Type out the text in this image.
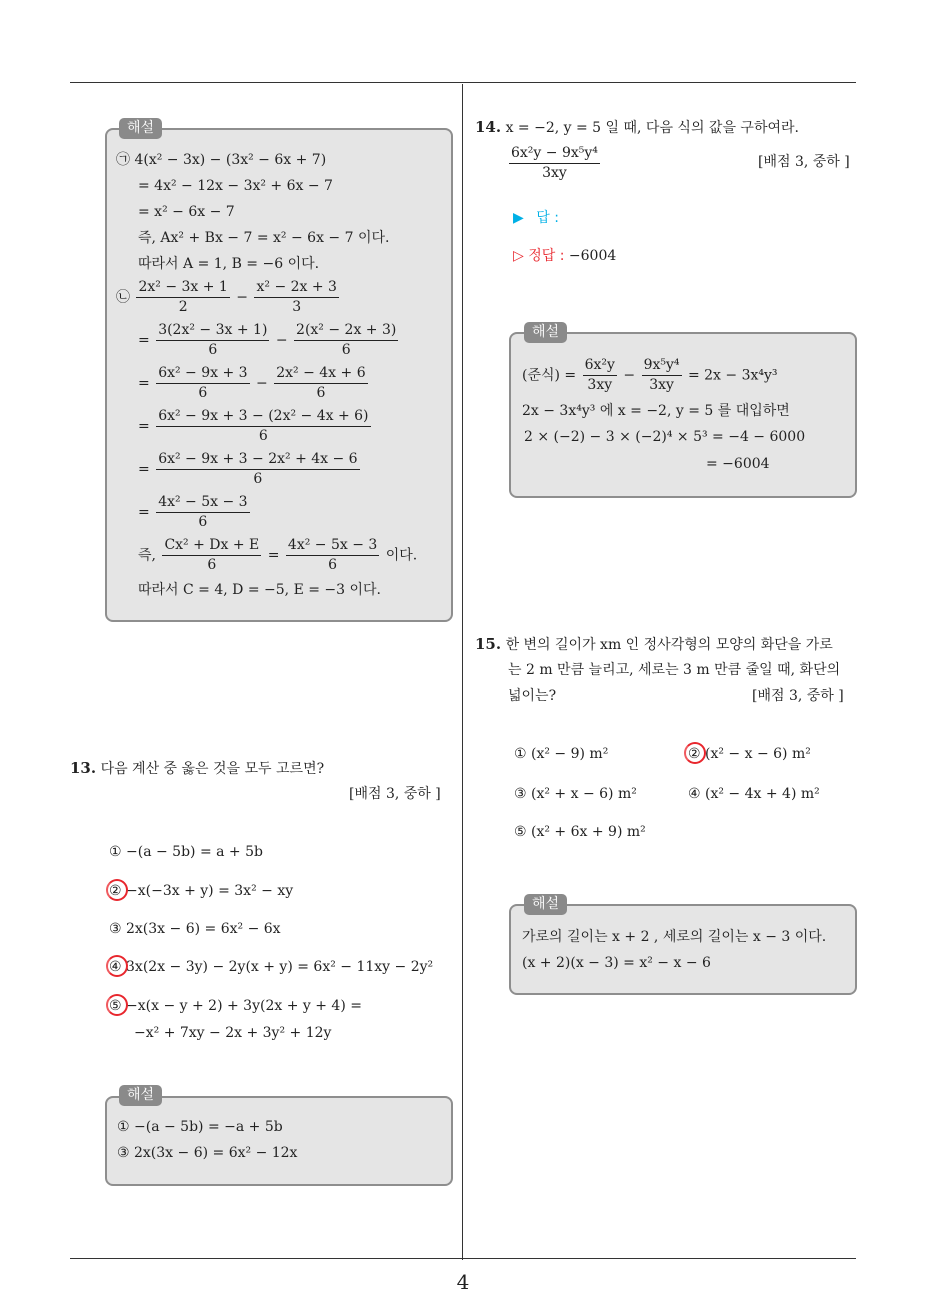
해설
㉠ 4(x² − 3x) − (3x² − 6x + 7)
= 4x² − 12x − 3x² + 6x − 7
= x² − 6x − 7
즉, Ax² + Bx − 7 = x² − 6x − 7 이다.
따라서 A = 1, B = −6 이다.
㉡ $\frac{\text{2x² − 3x + 1}}{2} - \frac{\text{x² − 2x + 3}}{3}$
= $\frac{\text{3(2x² − 3x + 1)}}{6} - \frac{\text{2(x² − 2x + 3)}}{6}$
= $\frac{\text{6x² − 9x + 3}}{6} - \frac{\text{2x² − 4x + 6}}{6}$
= $\frac{\text{6x² − 9x + 3 − (2x² − 4x + 6)}}{6}$
= $\frac{\text{6x² − 9x + 3 − 2x² + 4x − 6}}{6}$
= $\frac{\text{4x² − 5x − 3}}{6}$
즉, $\frac{\text{Cx² + Dx + E}}{6} = \frac{\text{4x² − 5x − 3}}{6}$ 이다.
따라서 C = 4, D = −5, E = −3 이다.
13. 다음 계산 중 옳은 것을 모두 고르면?
[배점 3, 중하 ]
① −(a − 5b) = a + 5b
② −x(−3x + y) = 3x² − xy
③ 2x(3x − 6) = 6x² − 6x
④ 3x(2x − 3y) − 2y(x + y) = 6x² − 11xy − 2y²
⑤ −x(x − y + 2) + 3y(2x + y + 4) =
−x² + 7xy − 2x + 3y² + 12y
해설
① −(a − 5b) = −a + 5b
③ 2x(3x − 6) = 6x² − 12x
14. x = −2, y = 5 일 때, 다음 식의 값을 구하여라.
$\frac{\text{6x²y − 9x⁵y⁴}}{3xy}$	[배점 3, 중하 ]
▶ 답 :
▷ 정답 : −6004
해설
(준식) = $\frac{\text{6x²y}}{3xy} - \frac{\text{9x⁵y⁴}}{3xy} = 2x - 3x^4y^3$
2x − 3x⁴y³ 에 x = −2, y = 5 를 대입하면
2 × (−2) − 3 × (−2)⁴ × 5³ = −4 − 6000
= −6004
15. 한 변의 길이가 xm 인 정사각형의 모양의 화단을 가로
는 2 m 만큼 늘리고, 세로는 3 m 만큼 줄일 때, 화단의
넓이는?	[배점 3, 중하 ]
① (x² − 9) m²	② (x² − x − 6) m²
③ (x² + x − 6) m²	④ (x² − 4x + 4) m²
⑤ (x² + 6x + 9) m²
해설
가로의 길이는 x + 2 , 세로의 길이는 x − 3 이다.
(x + 2)(x − 3) = x² − x − 6
4
